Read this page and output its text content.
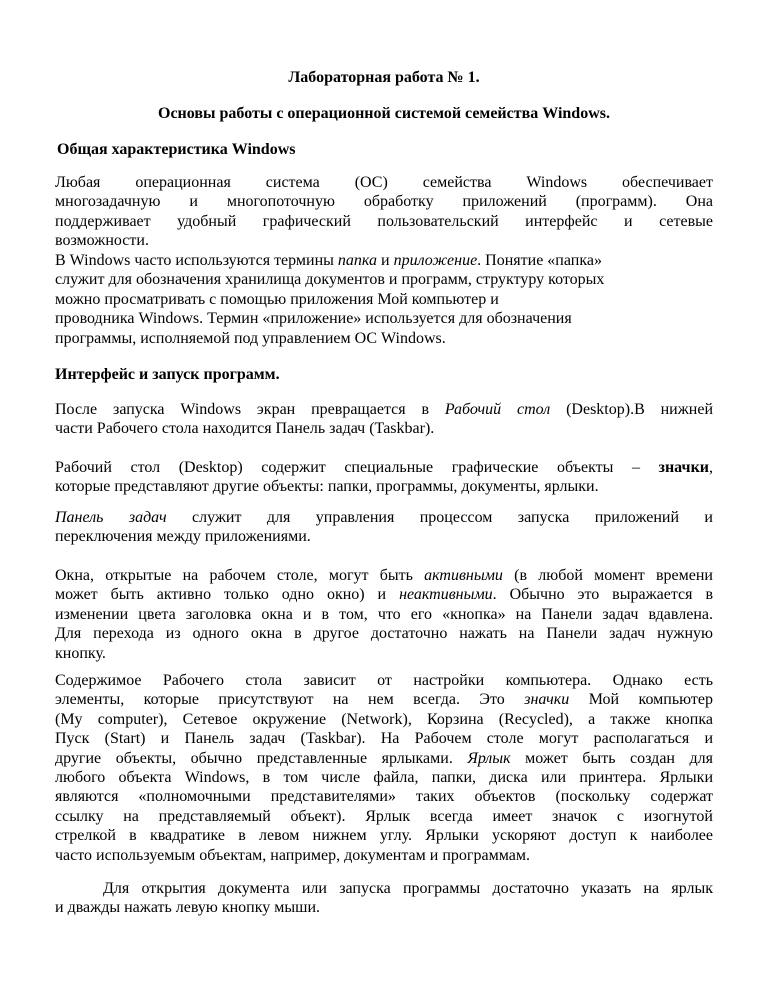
Лабораторная работа № 1.
Основы работы с операционной системой семейства Windows.
Общая характеристика Windows
Любая операционная система (ОС) семейства Windows обеспечивает
многозадачную и многопоточную обработку приложений (программ). Она
поддерживает удобный графический пользовательский интерфейс и сетевые
возможности.
В Windows часто используются термины папка и приложение. Понятие «папка»
служит для обозначения хранилища документов и программ, структуру которых
можно просматривать с помощью приложения Мой компьютер и
проводника Windows. Термин «приложение» используется для обозначения
программы, исполняемой под управлением ОС Windows.
Интерфейс и запуск программ.
После запуска Windows экран превращается в Рабочий стол (Desktop).В нижней
части Рабочего стола находится Панель задач (Taskbar).
Рабочий стол (Desktop) содержит специальные графические объекты – значки,
которые представляют другие объекты: папки, программы, документы, ярлыки.
Панель задач служит для управления процессом запуска приложений и
переключения между приложениями.
Окна, открытые на рабочем столе, могут быть активными (в любой момент времени
может быть активно только одно окно) и неактивными. Обычно это выражается в
изменении цвета заголовка окна и в том, что его «кнопка» на Панели задач вдавлена.
Для перехода из одного окна в другое достаточно нажать на Панели задач нужную
кнопку.
Содержимое Рабочего стола зависит от настройки компьютера. Однако есть
элементы, которые присутствуют на нем всегда. Это значки Мой компьютер
(My computer), Сетевое окружение (Network), Корзина (Recycled), а также кнопка
Пуск (Start) и Панель задач (Taskbar). На Рабочем столе могут располагаться и
другие объекты, обычно представленные ярлыками. Ярлык может быть создан для
любого объекта Windows, в том числе файла, папки, диска или принтера. Ярлыки
являются «полномочными представителями» таких объектов (поскольку содержат
ссылку на представляемый объект). Ярлык всегда имеет значок с изогнутой
стрелкой в квадратике в левом нижнем углу. Ярлыки ускоряют доступ к наиболее
часто используемым объектам, например, документам и программам.
Для открытия документа или запуска программы достаточно указать на ярлык
и дважды нажать левую кнопку мыши.
